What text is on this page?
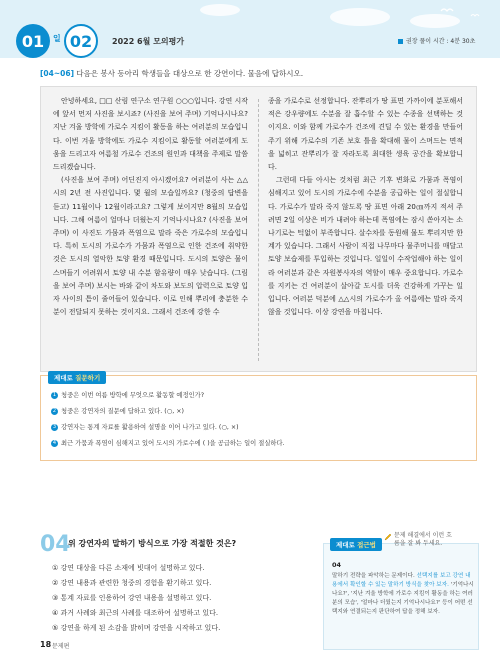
01	일 02	2022 6월 모의평가	권장 풀이 시간 : 4분 30초
[04~06] 다음은 봉사 동아리 학생들을 대상으로 한 강연이다. 물음에 답하시오.

안녕하세요, □□ 산림 연구소 연구원 ○○○입니다. 강연 시작에 앞서 먼저 사진을 보시죠? (사진을 보여 주며) 기억나시나요? 지난 겨울 방학에 가로수 지킴이 활동을 하는 여러분의 모습입니다. 이번 겨울 방학에도 가로수 지킴이로 활동할 여러분에게 도움을 드리고자 여름철 가로수 건조의 원인과 대책을 주제로 말씀드리겠습니다.

(사진을 보여 주며) 어딘진지 아시겠어요? 여러분이 사는 △△시의 2년 전 사진입니다. 몇 월의 모습일까요? (청중의 답변을 듣고) 11월이나 12월이라고요? 그렇게 보이지만 8월의 모습입니다. 그해 여름이 얼마나 더웠는지 기억나시나요? (사진을 보여 주며) 이 사진도 가뭄과 폭염으로 말라 죽은 가로수의 모습입니다. 특히 도시의 가로수가 가뭄과 폭염으로 인한 건조에 취약한 것은 도시의 열악한 토양 환경 때문입니다. 도시의 토양은 물이 스며들기 어려워서 토양 내 수분 함유량이 매우 낮습니다. (그림을 보여 주며) 보시는 바와 같이 차도와 보도의 압력으로 토양 입자 사이의 틈이 줄어들어 있습니다. 이로 인해 뿌리에 충분한 수분이 전달되지 못하는 것이지요. 그래서 건조에 강한 수

종을 가로수로 선정합니다. 잔뿌리가 땅 표면 가까이에 분포해서 적은 강우량에도 수분을 잘 흡수할 수 있는 수종을 선택하는 것이지요. 이와 함께 가로수가 건조에 견딜 수 있는 환경을 만들어 주기 위해 가로수의 기존 보호 틀을 확대해 물이 스며드는 면적을 넓히고 잔뿌리가 잘 자라도록 최대한 생육 공간을 확보합니다.

그런데 다들 아시는 것처럼 최근 기후 변화로 가뭄과 폭염이 심해지고 있어 도시의 가로수에 수분을 공급하는 일이 절실합니다. 가로수가 말라 죽지 않도록 땅 표면 아래 20㎝까지 적셔 주려면 2일 이상은 비가 내려야 하는데 폭염에는 잠시 쏟아지는 소나기로는 턱없이 부족합니다. 살수차를 동원해 물도 뿌리지만 한계가 있습니다. 그래서 사람이 직접 나무마다 물주머니를 매달고 토양 보습제를 투입하는 것입니다. 일일이 수작업해야 하는 일이라 여러분과 같은 자원봉사자의 역할이 매우 중요합니다. 가로수를 지키는 건 여러분이 살아갈 도시를 더욱 건강하게 가꾸는 일입니다. 여러분 덕분에 △△시의 가로수가 올 여름에는 말라 죽지 않을 것입니다. 이상 강연을 마칩니다.

제대로 질문하기
1 청중은 이번 여름 방학에 무엇으로 활동할 예정인가?
2 청중은 강연자의 질문에 답하고 있다. (○, ×)
3 강연자는 통계 자료를 활용하여 설명을 이어 나가고 있다. (○, ×)
4 최근 가뭄과 폭염이 심해지고 있어 도시의 가로수에 ( )을 공급하는 일이 절실하다.
04
위 강연자의 말하기 방식으로 가장 적절한 것은?
① 강연 대상을 다른 소재에 빗대어 설명하고 있다.
② 강연 내용과 관련한 청중의 경험을 환기하고 있다.
③ 통계 자료를 인용하여 강연 내용을 설명하고 있다.
④ 과거 사례와 최근의 사례를 대조하여 설명하고 있다.
⑤ 강연을 하게 된 소감을 밝히며 강연을 시작하고 있다.
제대로 접근법
문제 해결에서 이런 흐
름을 잘 봐 두세요.
04
말하기 전략을 파악하는 문제이다. 선택지를 보고 강연 내용에서 확인할 수 있는 말하기 방식을 찾아 보자. '기억나시나요?', '지난 겨울 방학에 가로수 지킴이 활동을 하는 여러분의 모습', '얼마나 더웠는지 기억나시나요?' 등이 어떤 선택지와 연결되는지 판단하여 답을 정해 보자.
18 문제편
